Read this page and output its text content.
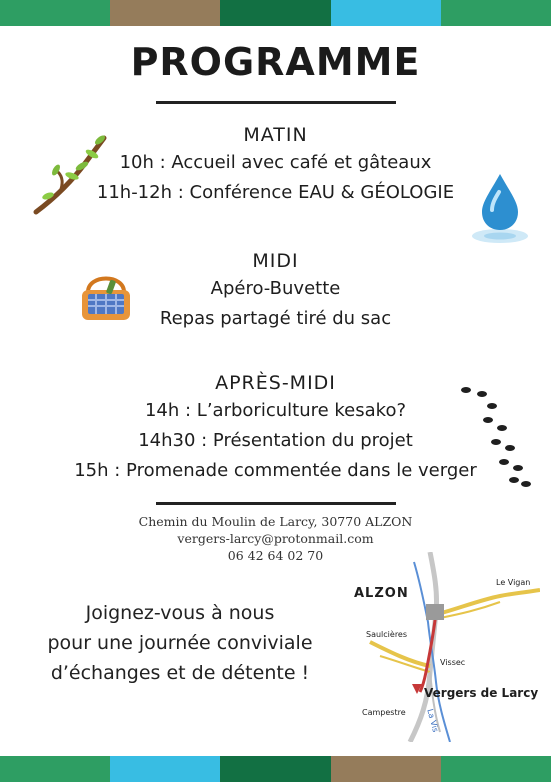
PROGRAMME
MATIN
10h : Accueil avec café et gâteaux
11h-12h : Conférence EAU & GÉOLOGIE
MIDI
Apéro-Buvette
Repas partagé tiré du sac
APRÈS-MIDI
14h : L’arboriculture kesako?
14h30 : Présentation du projet
15h : Promenade commentée dans le verger
Chemin du Moulin de Larcy, 30770 ALZON
vergers-larcy@protonmail.com
06 42 64 02 70
Joignez-vous à nous
pour une journée conviviale
d’échanges et de détente !
ALZON
Le Vigan
Saulcières
Vissec
Vergers de Larcy
Campestre La Vis
